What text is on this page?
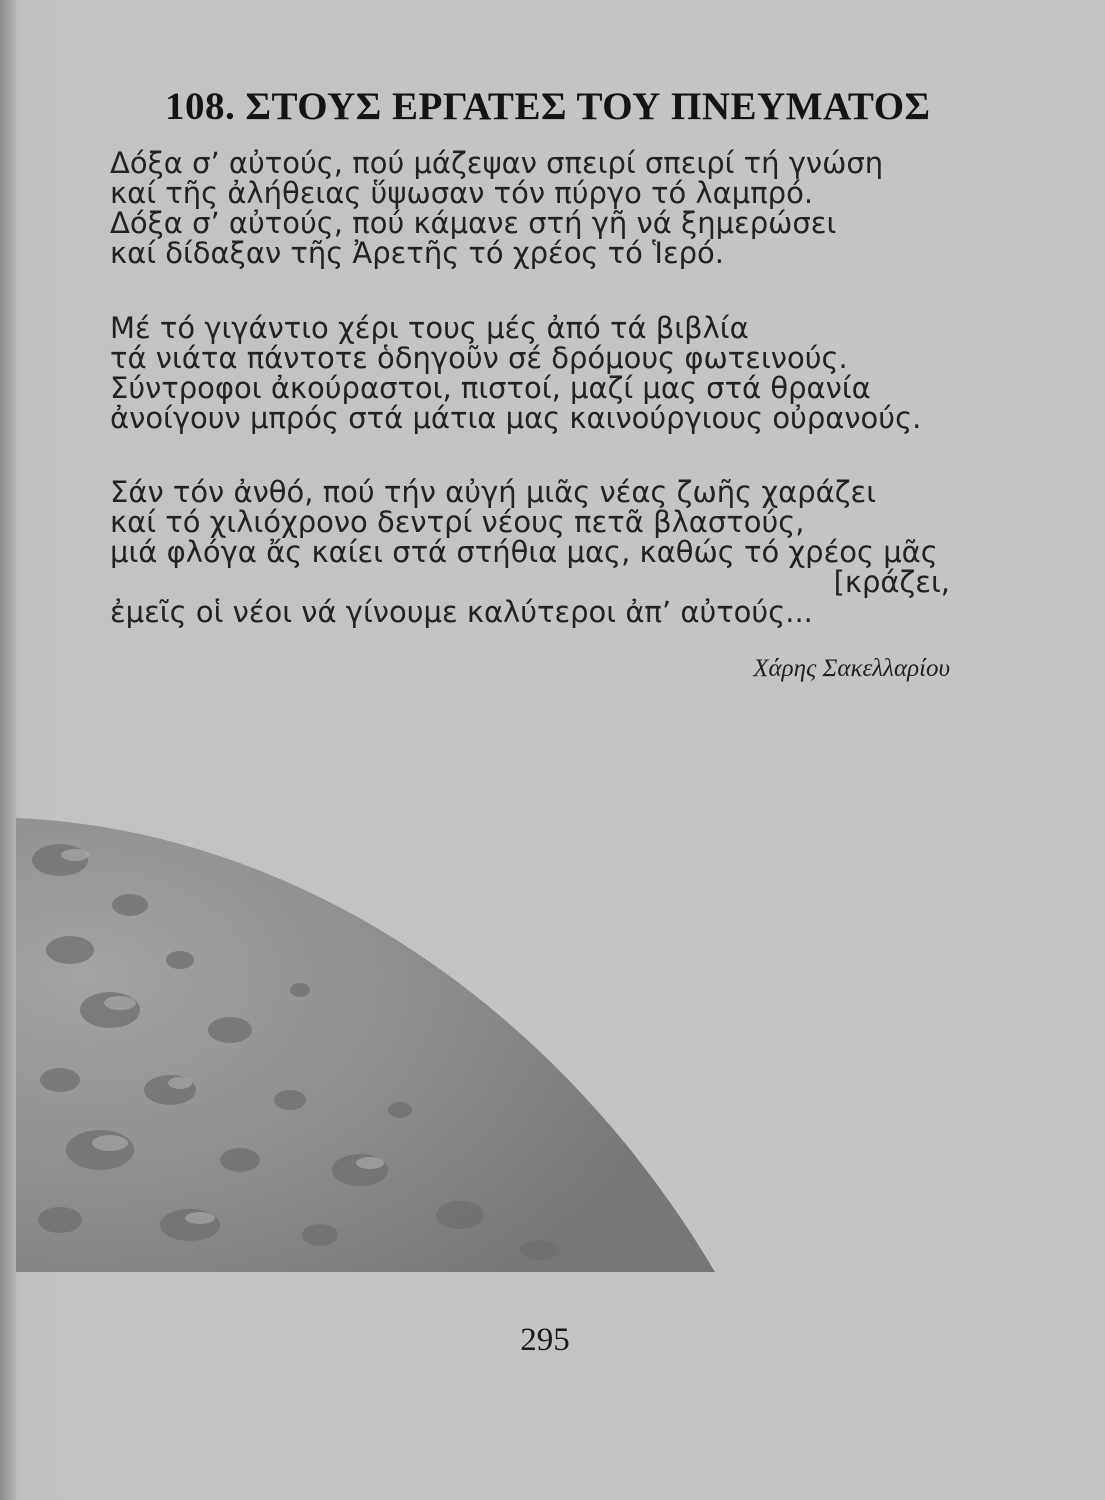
108. ΣΤΟΥΣ ΕΡΓΑΤΕΣ ΤΟΥ ΠΝΕΥΜΑΤΟΣ
Δόξα σ’ αὐτούς, πού μάζεψαν σπειρί σπειρί τή γνώση
καί τῆς ἀλήθειας ὕψωσαν τόν πύργο τό λαμπρό.
Δόξα σ’ αὐτούς, πού κάμανε στή γῆ νά ξημερώσει
καί δίδαξαν τῆς Ἀρετῆς τό χρέος τό Ἱερό.
Μέ τό γιγάντιο χέρι τους μές ἀπό τά βιβλία
τά νιάτα πάντοτε ὁδηγοῦν σέ δρόμους φωτεινούς.
Σύντροφοι ἀκούραστοι, πιστοί, μαζί μας στά θρανία
ἀνοίγουν μπρός στά μάτια μας καινούργιους οὐρανούς.
Σάν τόν ἀνθό, πού τήν αὐγή μιᾶς νέας ζωῆς χαράζει
καί τό χιλιόχρονο δεντρί νέους πετᾶ βλαστούς,
μιά φλόγα ἄς καίει στά στήθια μας, καθώς τό χρέος μᾶς
[κράζει,
ἐμεῖς οἱ νέοι νά γίνουμε καλύτεροι ἀπ’ αὐτούς...
Χάρης Σακελλαρίου
295
